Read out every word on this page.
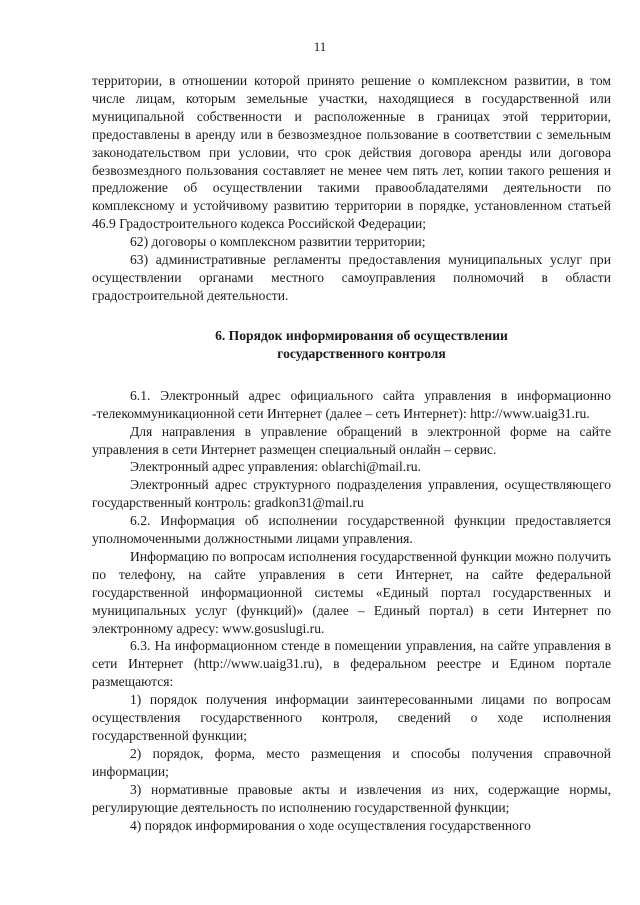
11

территории, в отношении которой принято решение о комплексном развитии, в том числе лицам, которым земельные участки, находящиеся в государственной или муниципальной собственности и расположенные в границах этой территории, предоставлены в аренду или в безвозмездное пользование в соответствии с земельным законодательством при условии, что срок действия договора аренды или договора безвозмездного пользования составляет не менее чем пять лет, копии такого решения и предложение об осуществлении такими правообладателями деятельности по комплексному и устойчивому развитию территории в порядке, установленном статьей 46.9 Градостроительного кодекса Российской Федерации;

62) договоры о комплексном развитии территории;

63) административные регламенты предоставления муниципальных услуг при осуществлении органами местного самоуправления полномочий в области градостроительной деятельности.

6. Порядок информирования об осуществлении
государственного контроля

6.1. Электронный адрес официального сайта управления в информационно -телекоммуникационной сети Интернет (далее – сеть Интернет): http://www.uaig31.ru.

Для направления в управление обращений в электронной форме на сайте управления в сети Интернет размещен специальный онлайн – сервис.

Электронный адрес управления: oblarchi@mail.ru.

Электронный адрес структурного подразделения управления, осуществляющего государственный контроль: gradkon31@mail.ru

6.2. Информация об исполнении государственной функции предоставляется уполномоченными должностными лицами управления.

Информацию по вопросам исполнения государственной функции можно получить по телефону, на сайте управления в сети Интернет, на сайте федеральной государственной информационной системы «Единый портал государственных и муниципальных услуг (функций)» (далее – Единый портал) в сети Интернет по электронному адресу: www.gosuslugi.ru.

6.3. На информационном стенде в помещении управления, на сайте управления в сети Интернет (http://www.uaig31.ru), в федеральном реестре и Едином портале размещаются:

1) порядок получения информации заинтересованными лицами по вопросам осуществления государственного контроля, сведений о ходе исполнения государственной функции;

2) порядок, форма, место размещения и способы получения справочной информации;

3) нормативные правовые акты и извлечения из них, содержащие нормы, регулирующие деятельность по исполнению государственной функции;

4) порядок информирования о ходе осуществления государственного
